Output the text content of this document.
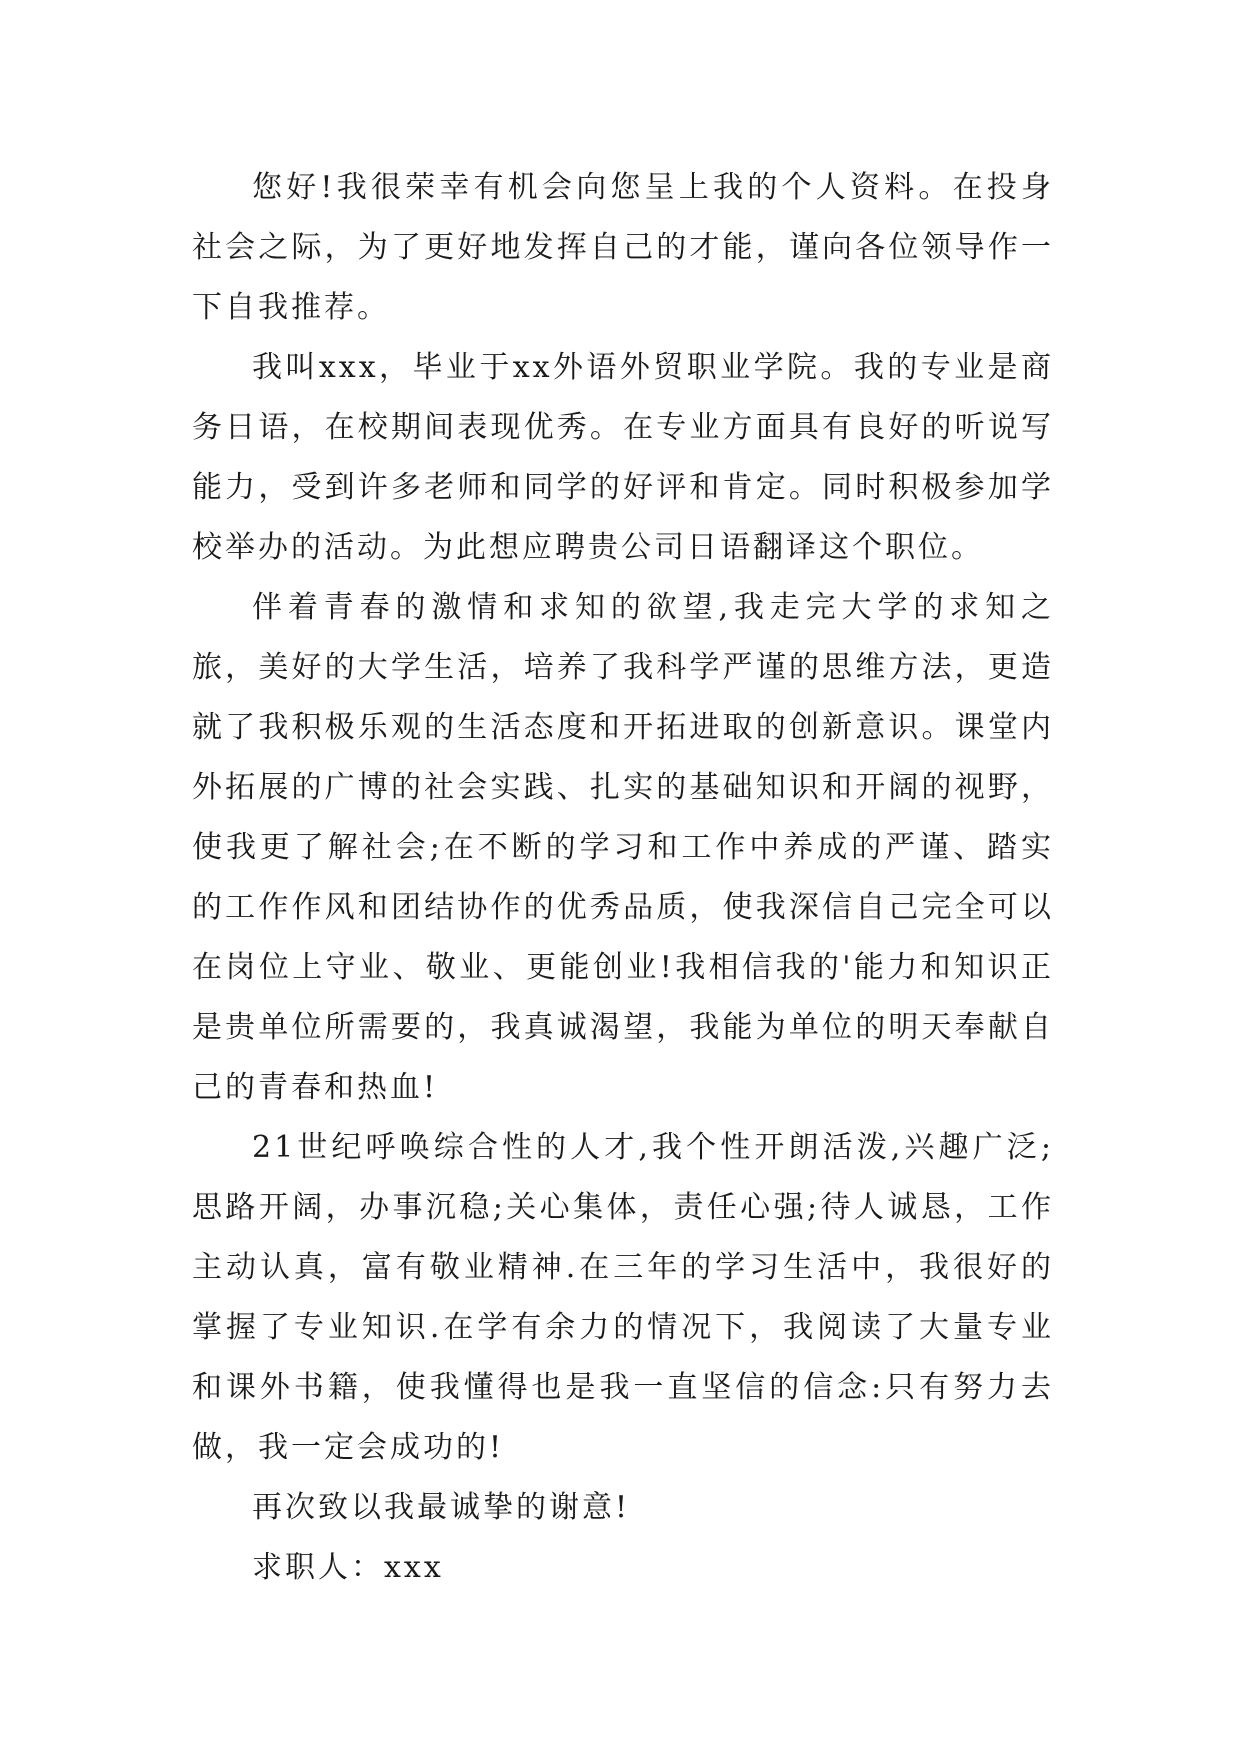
您好!我很荣幸有机会向您呈上我的个人资料。在投身社会之际，为了更好地发挥自己的才能，谨向各位领导作一下自我推荐。

我叫xxx，毕业于xx外语外贸职业学院。我的专业是商务日语，在校期间表现优秀。在专业方面具有良好的听说写能力，受到许多老师和同学的好评和肯定。同时积极参加学校举办的活动。为此想应聘贵公司日语翻译这个职位。

伴着青春的激情和求知的欲望,我走完大学的求知之旅，美好的大学生活，培养了我科学严谨的思维方法，更造就了我积极乐观的生活态度和开拓进取的创新意识。课堂内外拓展的广博的社会实践、扎实的基础知识和开阔的视野，使我更了解社会;在不断的学习和工作中养成的严谨、踏实的工作作风和团结协作的优秀品质，使我深信自己完全可以在岗位上守业、敬业、更能创业!我相信我的'能力和知识正是贵单位所需要的，我真诚渴望，我能为单位的明天奉献自己的青春和热血!

21世纪呼唤综合性的人才,我个性开朗活泼,兴趣广泛;思路开阔，办事沉稳;关心集体，责任心强;待人诚恳，工作主动认真，富有敬业精神.在三年的学习生活中，我很好的掌握了专业知识.在学有余力的情况下，我阅读了大量专业和课外书籍，使我懂得也是我一直坚信的信念:只有努力去做，我一定会成功的!

再次致以我最诚挚的谢意!

求职人：xxx
